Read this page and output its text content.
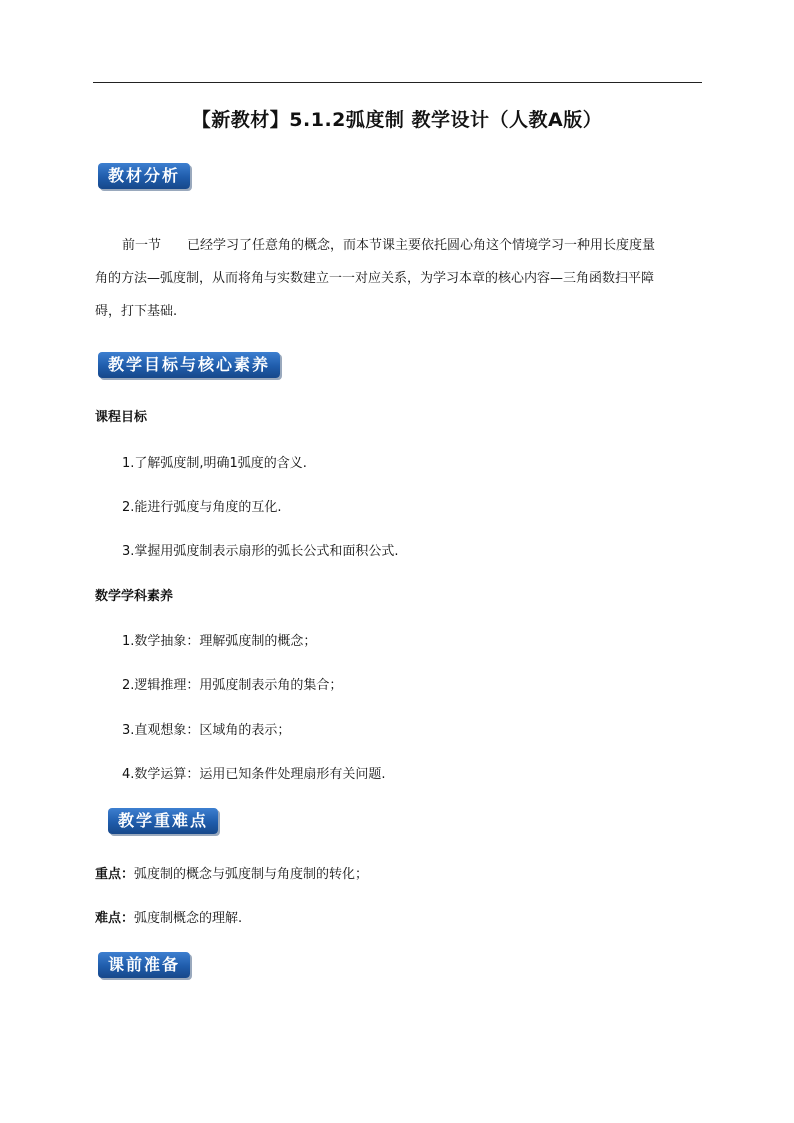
【新教材】5.1.2弧度制 教学设计（人教A版）
教材分析
前一节　　已经学习了任意角的概念，而本节课主要依托圆心角这个情境学习一种用长度度量
角的方法—弧度制，从而将角与实数建立一一对应关系，为学习本章的核心内容—三角函数扫平障
碍，打下基础.
教学目标与核心素养
课程目标
1.了解弧度制,明确1弧度的含义.
2.能进行弧度与角度的互化.
3.掌握用弧度制表示扇形的弧长公式和面积公式.
数学学科素养
1.数学抽象：理解弧度制的概念；
2.逻辑推理：用弧度制表示角的集合；
3.直观想象：区域角的表示；
4.数学运算：运用已知条件处理扇形有关问题.
教学重难点
重点：弧度制的概念与弧度制与角度制的转化；
难点：弧度制概念的理解.
课前准备
